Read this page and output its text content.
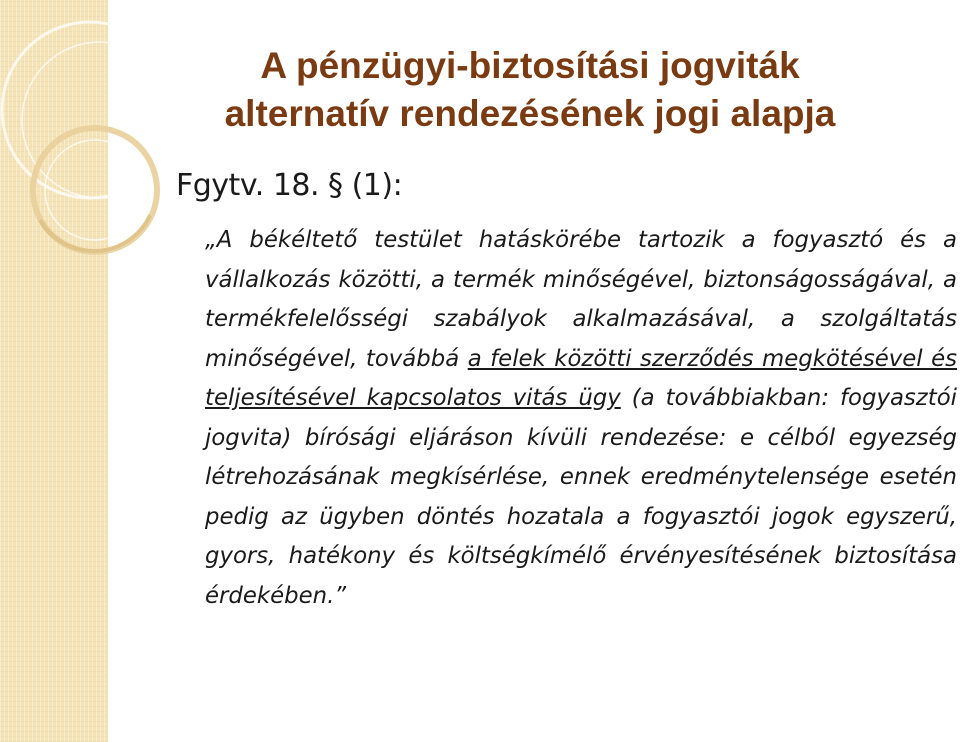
A pénzügyi-biztosítási jogviták
alternatív rendezésének jogi alapja
Fgytv. 18. § (1):

„A békéltető testület hatáskörébe tartozik a fogyasztó és a vállalkozás közötti, a termék minőségével, biztonságosságával, a termékfelelősségi szabályok alkalmazásával, a szolgáltatás minőségével, továbbá a felek közötti szerződés megkötésével és teljesítésével kapcsolatos vitás ügy (a továbbiakban: fogyasztói jogvita) bírósági eljáráson kívüli rendezése: e célból egyezség létrehozásának megkísérlése, ennek eredménytelensége esetén pedig az ügyben döntés hozatala a fogyasztói jogok egyszerű, gyors, hatékony és költségkímélő érvényesítésének biztosítása érdekében.”
